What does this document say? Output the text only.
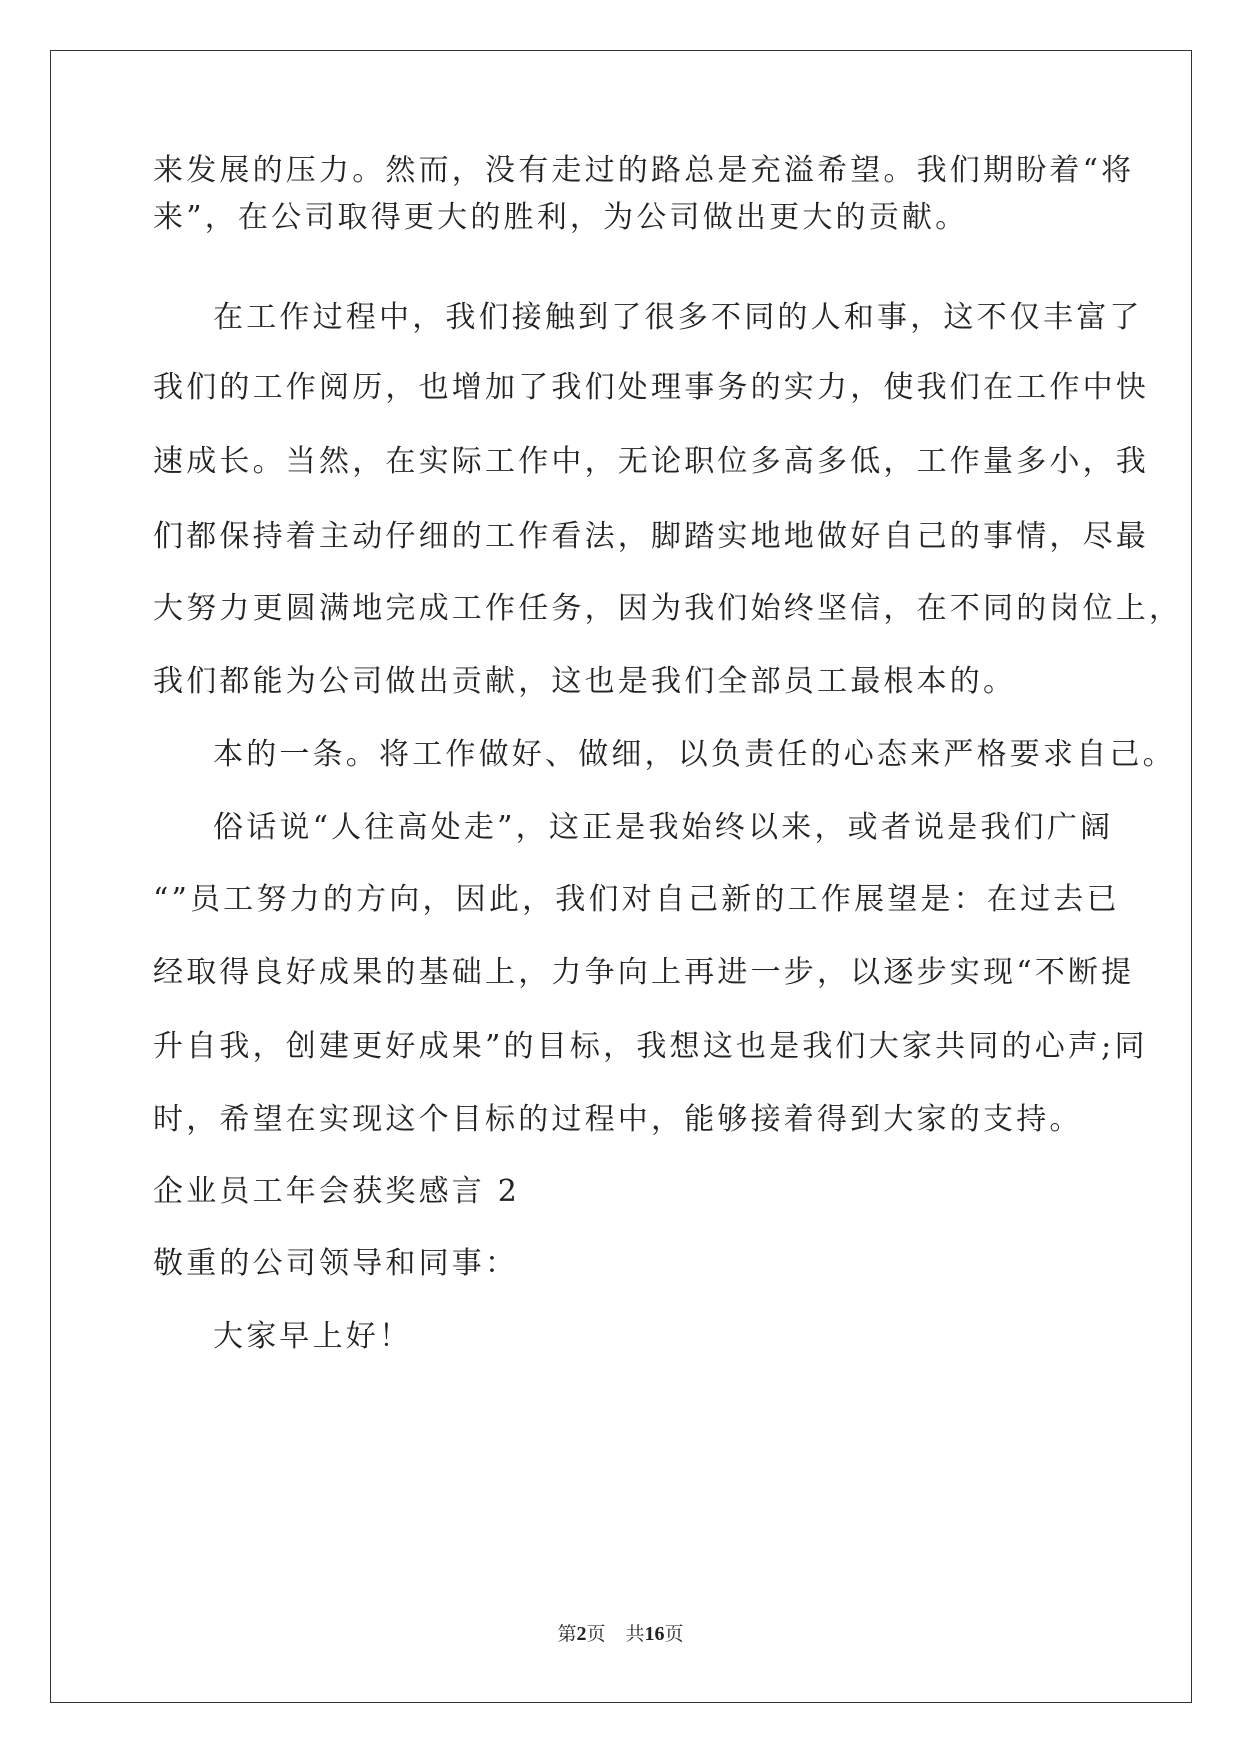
来发展的压力。然而，没有走过的路总是充溢希望。我们期盼着“将
来”，在公司取得更大的胜利，为公司做出更大的贡献。
在工作过程中，我们接触到了很多不同的人和事，这不仅丰富了
我们的工作阅历，也增加了我们处理事务的实力，使我们在工作中快
速成长。当然，在实际工作中，无论职位多高多低，工作量多小，我
们都保持着主动仔细的工作看法，脚踏实地地做好自己的事情，尽最
大努力更圆满地完成工作任务，因为我们始终坚信，在不同的岗位上，
我们都能为公司做出贡献，这也是我们全部员工最根本的。
本的一条。将工作做好、做细，以负责任的心态来严格要求自己。
俗话说“人往高处走”，这正是我始终以来，或者说是我们广阔
“”员工努力的方向，因此，我们对自己新的工作展望是：在过去已
经取得良好成果的基础上，力争向上再进一步，以逐步实现“不断提
升自我，创建更好成果”的目标，我想这也是我们大家共同的心声;同
时，希望在实现这个目标的过程中，能够接着得到大家的支持。
企业员工年会获奖感言 2
敬重的公司领导和同事：
大家早上好！
第2页 共16页
